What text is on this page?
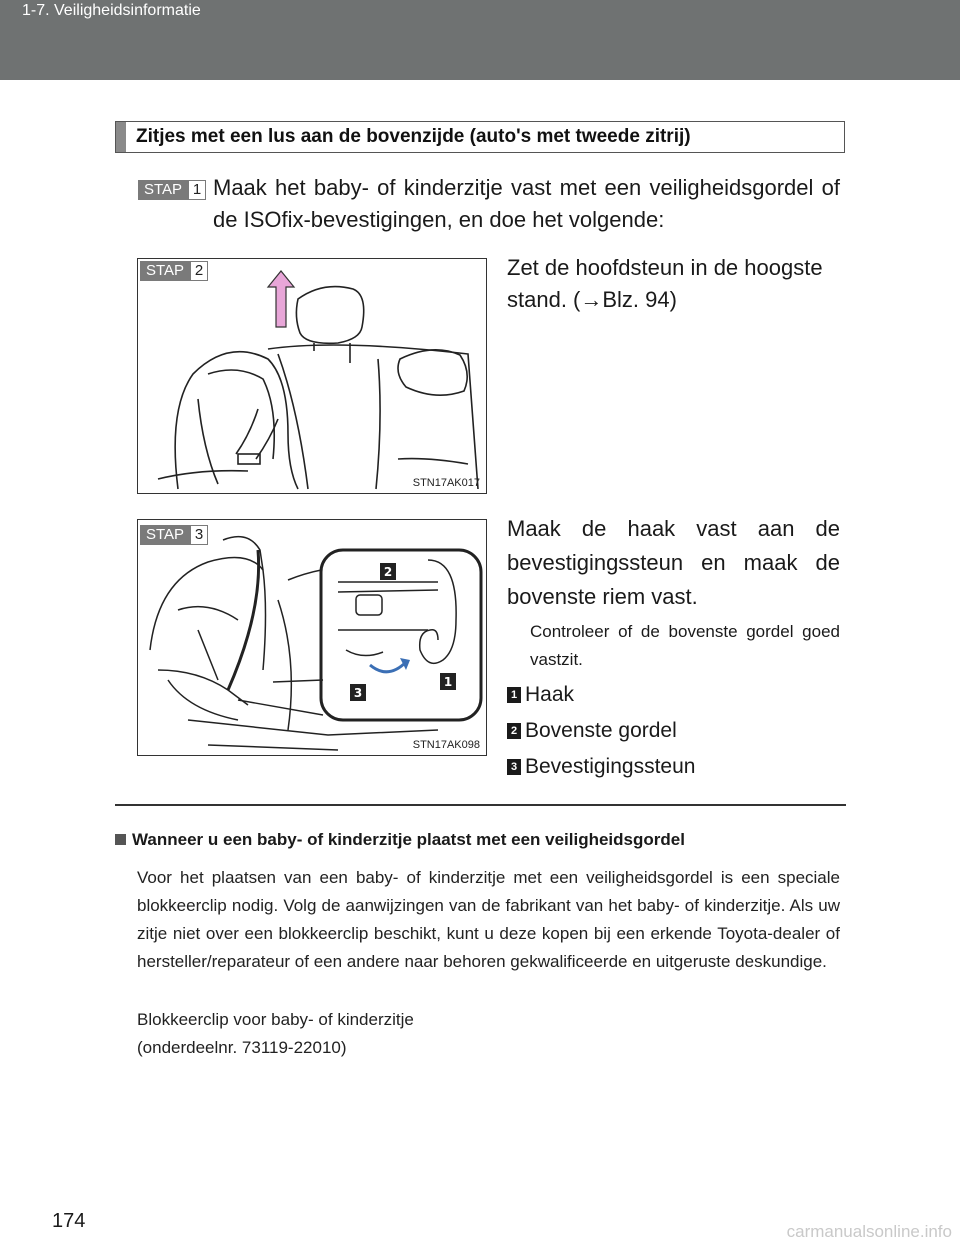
1-7. Veiligheidsinformatie
Zitjes met een lus aan de bovenzijde (auto's met tweede zitrij)
STAP 1 Maak het baby- of kinderzitje vast met een veiligheidsgordel of de ISOfix-bevestigingen, en doe het volgende:
STN17AK017
STAP 2	Zet de hoofdsteun in de hoogste stand. (→Blz. 94)
2
3
1
STN17AK098
STAP 3	Maak de haak vast aan de bevestigingssteun en maak de bovenste riem vast.
Controleer of de bovenste gordel goed vastzit.
1 Haak
2 Bovenste gordel
3 Bevestigingssteun
Wanneer u een baby- of kinderzitje plaatst met een veiligheidsgordel
Voor het plaatsen van een baby- of kinderzitje met een veiligheidsgordel is een speciale blokkeerclip nodig. Volg de aanwijzingen van de fabrikant van het baby- of kinderzitje. Als uw zitje niet over een blokkeerclip beschikt, kunt u deze kopen bij een erkende Toyota-dealer of hersteller/reparateur of een andere naar behoren gekwalificeerde en uitgeruste deskundige.
Blokkeerclip voor baby- of kinderzitje
(onderdeelnr. 73119-22010)
174	carmanualsonline.info
